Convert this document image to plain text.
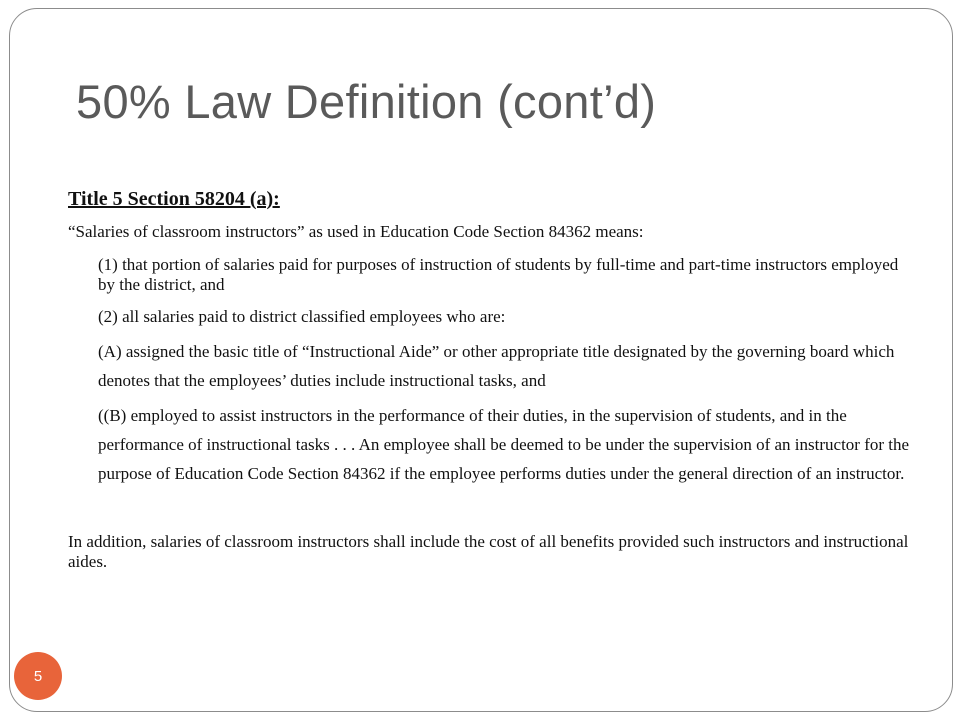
50% Law Definition (cont’d)

Title 5 Section 58204 (a):

“Salaries of classroom instructors” as used in Education Code Section 84362 means:

(1) that portion of salaries paid for purposes of instruction of students by full-time and part-time instructors employed by the district, and

(2) all salaries paid to district classified employees who are:

(A) assigned the basic title of “Instructional Aide” or other appropriate title designated by the governing board which denotes that the employees’ duties include instructional tasks, and

((B) employed to assist instructors in the performance of their duties, in the supervision of students, and in the performance of instructional tasks . . . An employee shall be deemed to be under the supervision of an instructor for the purpose of Education Code Section 84362 if the employee performs duties under the general direction of an instructor.

In addition, salaries of classroom instructors shall include the cost of all benefits provided such instructors and instructional aides.

5
